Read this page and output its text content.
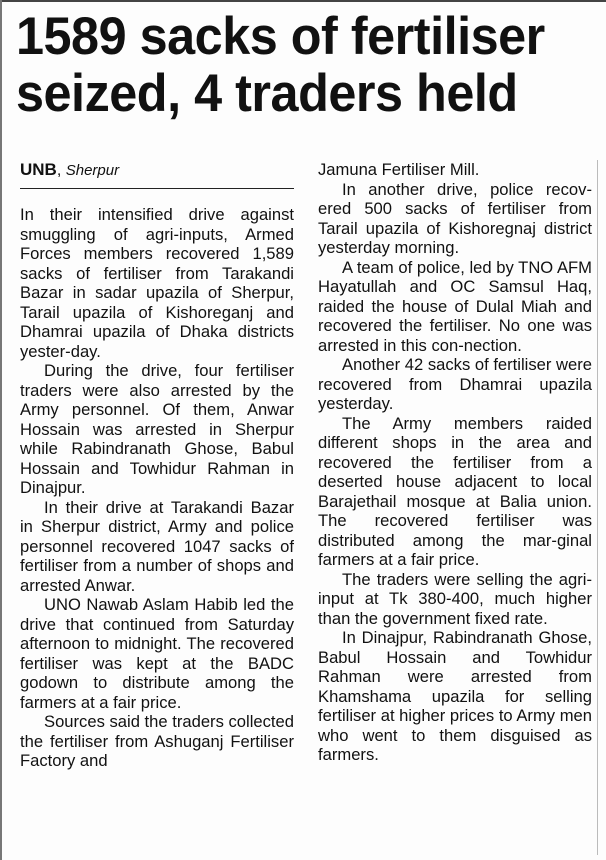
1589 sacks of fertiliser
seized, 4 traders held
UNB, Sherpur

In their intensified drive against smuggling of agri-inputs, Armed Forces members recovered 1,589 sacks of fertiliser from Tarakandi Bazar in sadar upazila of Sherpur, Tarail upazila of Kishoreganj and Dhamrai upazila of Dhaka districts yester-day.

During the drive, four fertiliser traders were also arrested by the Army personnel. Of them, Anwar Hossain was arrested in Sherpur while Rabindranath Ghose, Babul Hossain and Towhidur Rahman in Dinajpur.

In their drive at Tarakandi Bazar in Sherpur district, Army and police personnel recovered 1047 sacks of fertiliser from a number of shops and arrested Anwar.

UNO Nawab Aslam Habib led the drive that continued from Saturday afternoon to midnight. The recovered fertiliser was kept at the BADC godown to distribute among the farmers at a fair price.

Sources said the traders collected the fertiliser from Ashuganj Fertiliser Factory and

Jamuna Fertiliser Mill.

In another drive, police recov-ered 500 sacks of fertiliser from Tarail upazila of Kishoregnaj district yesterday morning.

A team of police, led by TNO AFM Hayatullah and OC Samsul Haq, raided the house of Dulal Miah and recovered the fertiliser. No one was arrested in this con-nection.

Another 42 sacks of fertiliser were recovered from Dhamrai upazila yesterday.

The Army members raided different shops in the area and recovered the fertiliser from a deserted house adjacent to local Barajethail mosque at Balia union. The recovered fertiliser was distributed among the mar-ginal farmers at a fair price.

The traders were selling the agri-input at Tk 380-400, much higher than the government fixed rate.

In Dinajpur, Rabindranath Ghose, Babul Hossain and Towhidur Rahman were arrested from Khamshama upazila for selling fertiliser at higher prices to Army men who went to them disguised as farmers.
